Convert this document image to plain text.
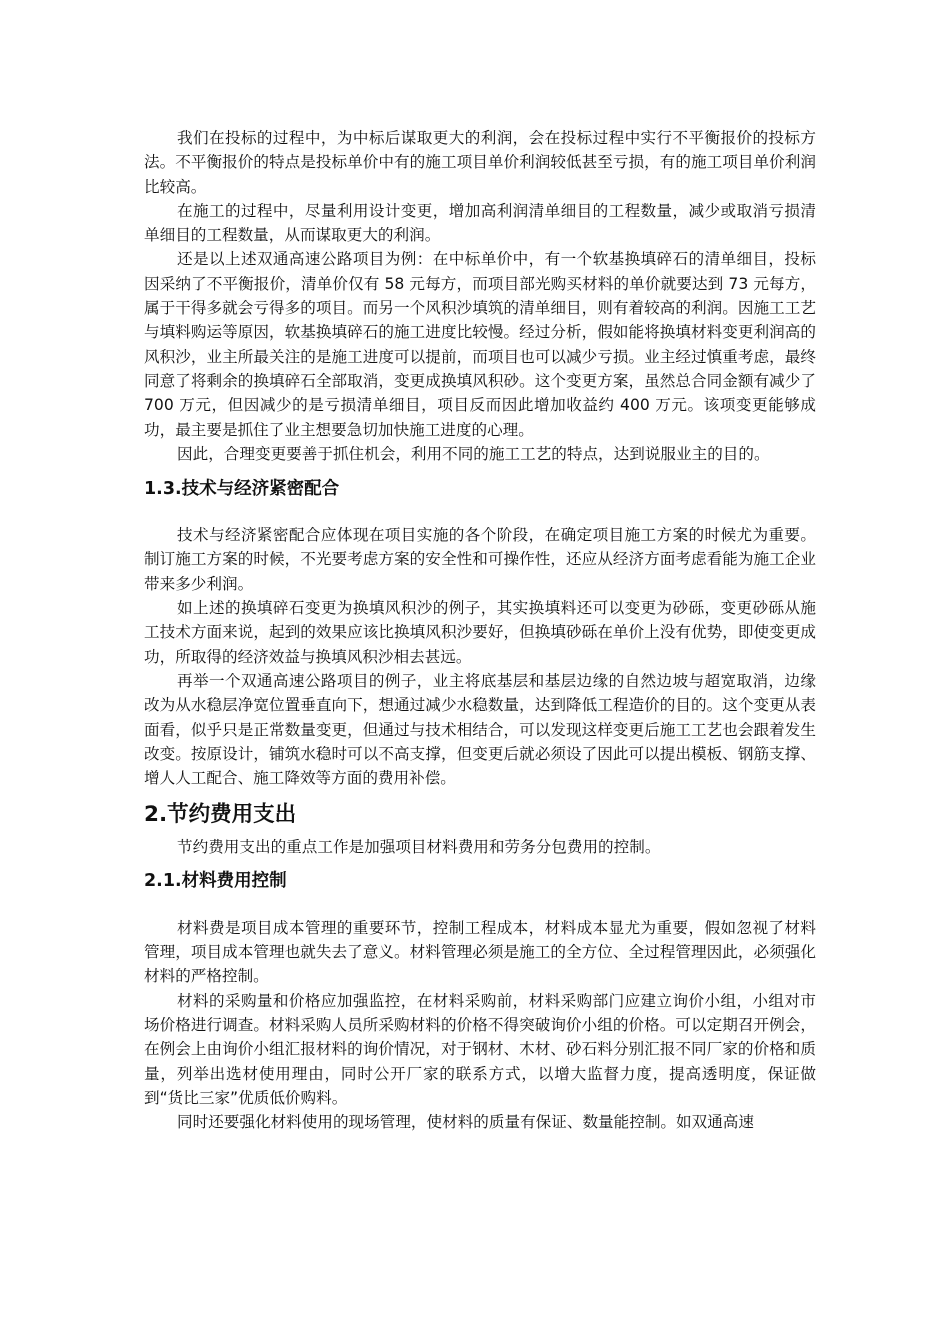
我们在投标的过程中，为中标后谋取更大的利润，会在投标过程中实行不平衡报价的投标方法。不平衡报价的特点是投标单价中有的施工项目单价利润较低甚至亏损，有的施工项目单价利润比较高。

在施工的过程中，尽量利用设计变更，增加高利润清单细目的工程数量，减少或取消亏损清单细目的工程数量，从而谋取更大的利润。

还是以上述双通高速公路项目为例：在中标单价中，有一个软基换填碎石的清单细目，投标因采纳了不平衡报价，清单价仅有 58 元每方，而项目部光购买材料的单价就要达到 73 元每方，属于干得多就会亏得多的项目。而另一个风积沙填筑的清单细目，则有着较高的利润。因施工工艺与填料购运等原因，软基换填碎石的施工进度比较慢。经过分析，假如能将换填材料变更利润高的风积沙，业主所最关注的是施工进度可以提前，而项目也可以减少亏损。业主经过慎重考虑，最终同意了将剩余的换填碎石全部取消，变更成换填风积砂。这个变更方案，虽然总合同金额有减少了 700 万元，但因减少的是亏损清单细目，项目反而因此增加收益约 400 万元。该项变更能够成功，最主要是抓住了业主想要急切加快施工进度的心理。

因此，合理变更要善于抓住机会，利用不同的施工工艺的特点，达到说服业主的目的。

1.3.技术与经济紧密配合

技术与经济紧密配合应体现在项目实施的各个阶段，在确定项目施工方案的时候尤为重要。制订施工方案的时候，不光要考虑方案的安全性和可操作性，还应从经济方面考虑看能为施工企业带来多少利润。

如上述的换填碎石变更为换填风积沙的例子，其实换填料还可以变更为砂砾，变更砂砾从施工技术方面来说，起到的效果应该比换填风积沙要好，但换填砂砾在单价上没有优势，即使变更成功，所取得的经济效益与换填风积沙相去甚远。

再举一个双通高速公路项目的例子，业主将底基层和基层边缘的自然边坡与超宽取消，边缘改为从水稳层净宽位置垂直向下，想通过减少水稳数量，达到降低工程造价的目的。这个变更从表面看，似乎只是正常数量变更，但通过与技术相结合，可以发现这样变更后施工工艺也会跟着发生改变。按原设计，铺筑水稳时可以不高支撑，但变更后就必须设了因此可以提出模板、钢筋支撑、增人人工配合、施工降效等方面的费用补偿。

2.节约费用支出

节约费用支出的重点工作是加强项目材料费用和劳务分包费用的控制。

2.1.材料费用控制

材料费是项目成本管理的重要环节，控制工程成本，材料成本显尤为重要，假如忽视了材料管理，项目成本管理也就失去了意义。材料管理必须是施工的全方位、全过程管理因此，必须强化材料的严格控制。

材料的采购量和价格应加强监控，在材料采购前，材料采购部门应建立询价小组，小组对市场价格进行调查。材料采购人员所采购材料的价格不得突破询价小组的价格。可以定期召开例会，在例会上由询价小组汇报材料的询价情况，对于钢材、木材、砂石料分别汇报不同厂家的价格和质量，列举出选材使用理由，同时公开厂家的联系方式，以增大监督力度，提高透明度，保证做到“货比三家”优质低价购料。

同时还要强化材料使用的现场管理，使材料的质量有保证、数量能控制。如双通高速
